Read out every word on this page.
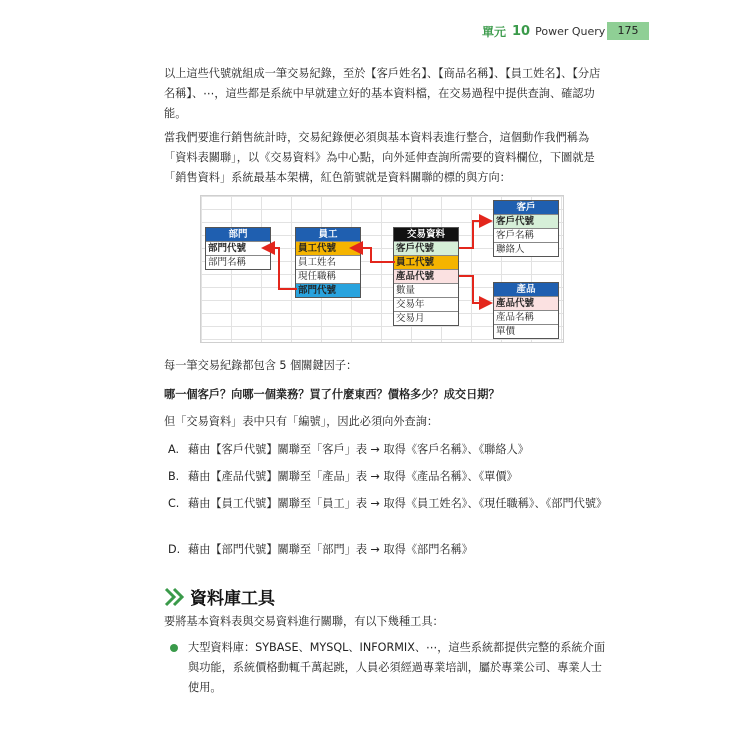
單元 10 Power Query	175

以上這些代號就組成一筆交易紀錄，至於【客戶姓名】、【商品名稱】、【員工姓名】、【分店名稱】、⋯，這些都是系統中早就建立好的基本資料檔，在交易過程中提供查詢、確認功能。

當我們要進行銷售統計時，交易紀錄便必須與基本資料表進行整合，這個動作我們稱為「資料表關聯」，以《交易資料》為中心點，向外延伸查詢所需要的資料欄位，下圖就是「銷售資料」系統最基本架構，紅色箭號就是資料關聯的標的與方向：

部門
部門代號
部門名稱
員工
員工代號
員工姓名
現任職稱
部門代號
交易資料
客戶代號
員工代號
產品代號
數量
交易年
交易月
客戶
客戶代號
客戶名稱
聯絡人
產品
產品代號
產品名稱
單價

每一筆交易紀錄都包含 5 個關鍵因子：

哪一個客戶？向哪一個業務？買了什麼東西？價格多少？成交日期？

但「交易資料」表中只有「編號」，因此必須向外查詢：

A. 藉由【客戶代號】關聯至「客戶」表 → 取得《客戶名稱》、《聯絡人》
B. 藉由【產品代號】關聯至「產品」表 → 取得《產品名稱》、《單價》
C. 藉由【員工代號】關聯至「員工」表 → 取得《員工姓名》、《現任職稱》、《部門代號》
D. 藉由【部門代號】關聯至「部門」表 → 取得《部門名稱》
資料庫工具

要將基本資料表與交易資料進行關聯，有以下幾種工具：

大型資料庫：SYBASE、MYSQL、INFORMIX、⋯，這些系統都提供完整的系統介面與功能，系統價格動輒千萬起跳，人員必須經過專業培訓，屬於專業公司、專業人士使用。
